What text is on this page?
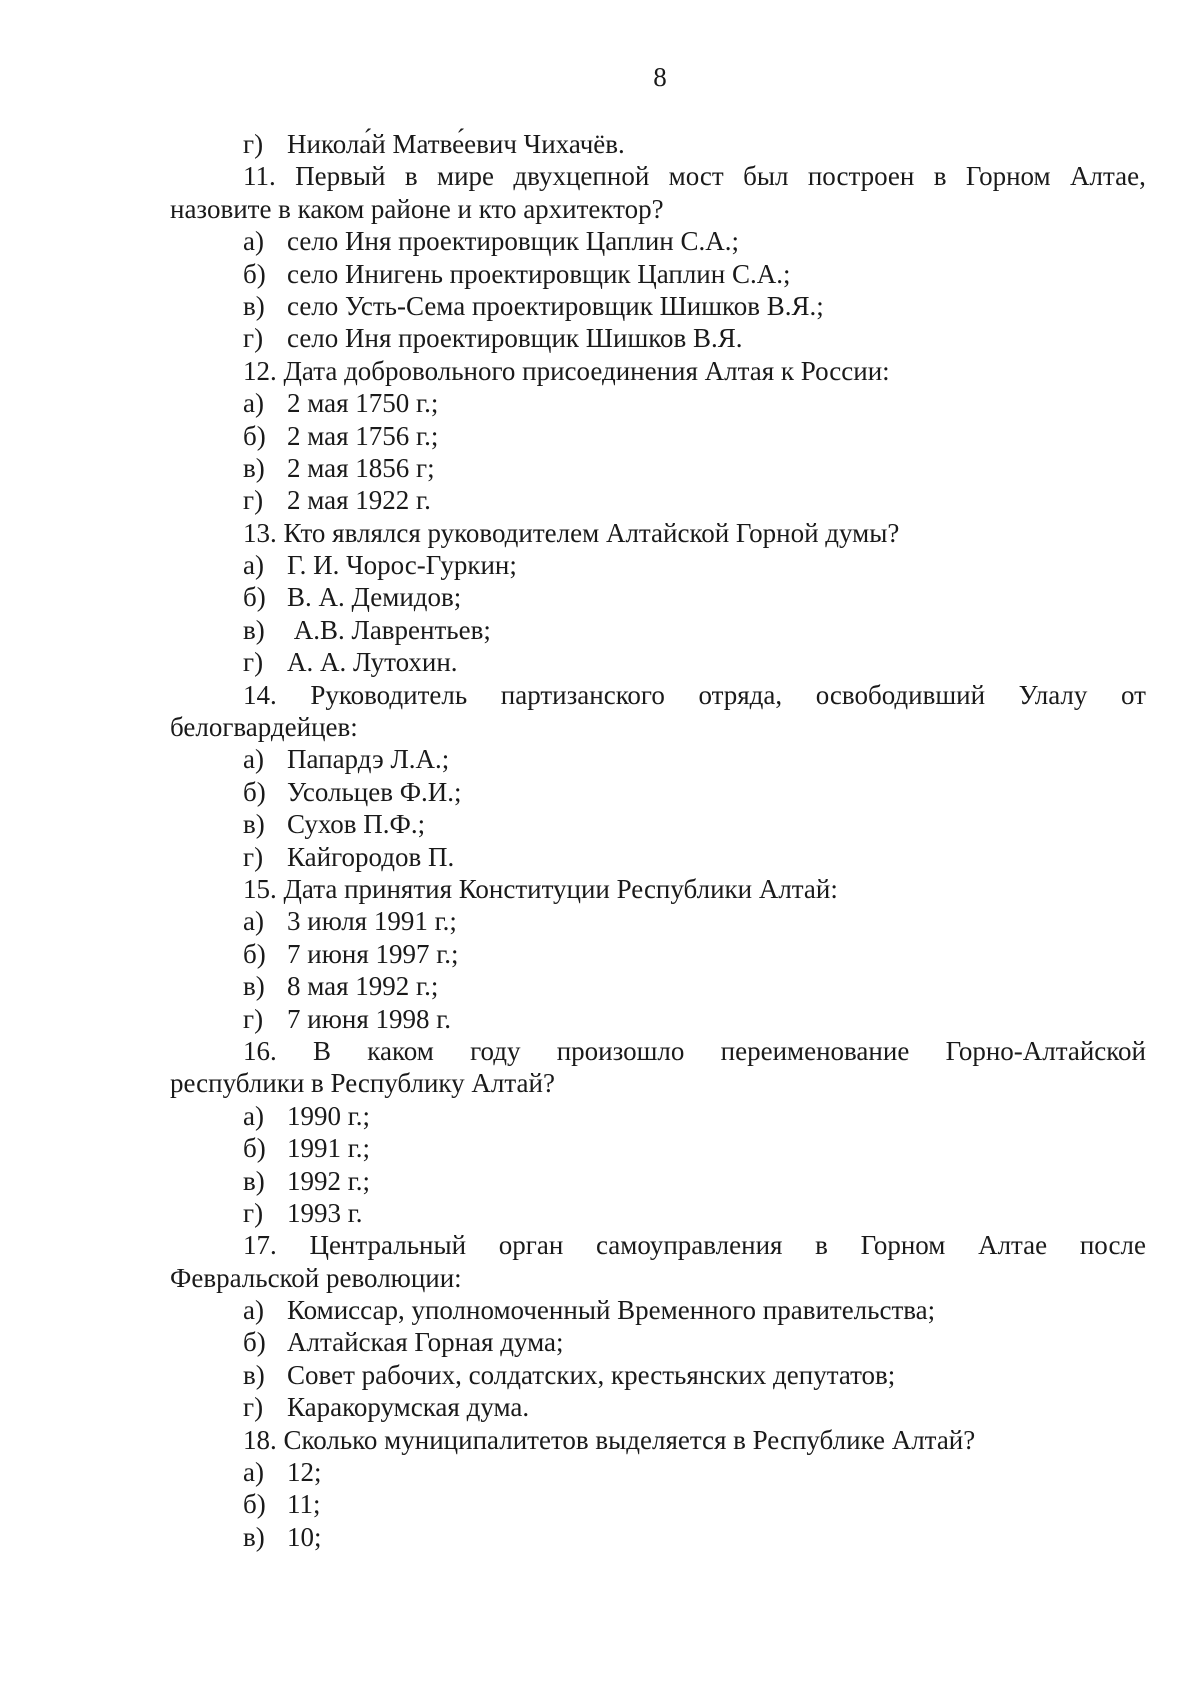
8
г) Никола́й Матве́евич Чихачёв.
11. Первый в мире двухцепной мост был построен в Горном Алтае,
назовите в каком районе и кто архитектор?
а) село Иня проектировщик Цаплин С.А.;
б) село Инигень проектировщик Цаплин С.А.;
в) село Усть-Сема проектировщик Шишков В.Я.;
г) село Иня проектировщик Шишков В.Я.
12. Дата добровольного присоединения Алтая к России:
а) 2 мая 1750 г.;
б) 2 мая 1756 г.;
в) 2 мая 1856 г;
г) 2 мая 1922 г.
13. Кто являлся руководителем Алтайской Горной думы?
а) Г. И. Чорос-Гуркин;
б) В. А. Демидов;
в) А.В. Лаврентьев;
г) А. А. Лутохин.
14. Руководитель партизанского отряда, освободивший Улалу от
белогвардейцев:
а) Папардэ Л.А.;
б) Усольцев Ф.И.;
в) Сухов П.Ф.;
г) Кайгородов П.
15. Дата принятия Конституции Республики Алтай:
а) 3 июля 1991 г.;
б) 7 июня 1997 г.;
в) 8 мая 1992 г.;
г) 7 июня 1998 г.
16. В каком году произошло переименование Горно-Алтайской
республики в Республику Алтай?
а) 1990 г.;
б) 1991 г.;
в) 1992 г.;
г) 1993 г.
17. Центральный орган самоуправления в Горном Алтае после
Февральской революции:
а) Комиссар, уполномоченный Временного правительства;
б) Алтайская Горная дума;
в) Совет рабочих, солдатских, крестьянских депутатов;
г) Каракорумская дума.
18. Сколько муниципалитетов выделяется в Республике Алтай?
а) 12;
б) 11;
в) 10;
